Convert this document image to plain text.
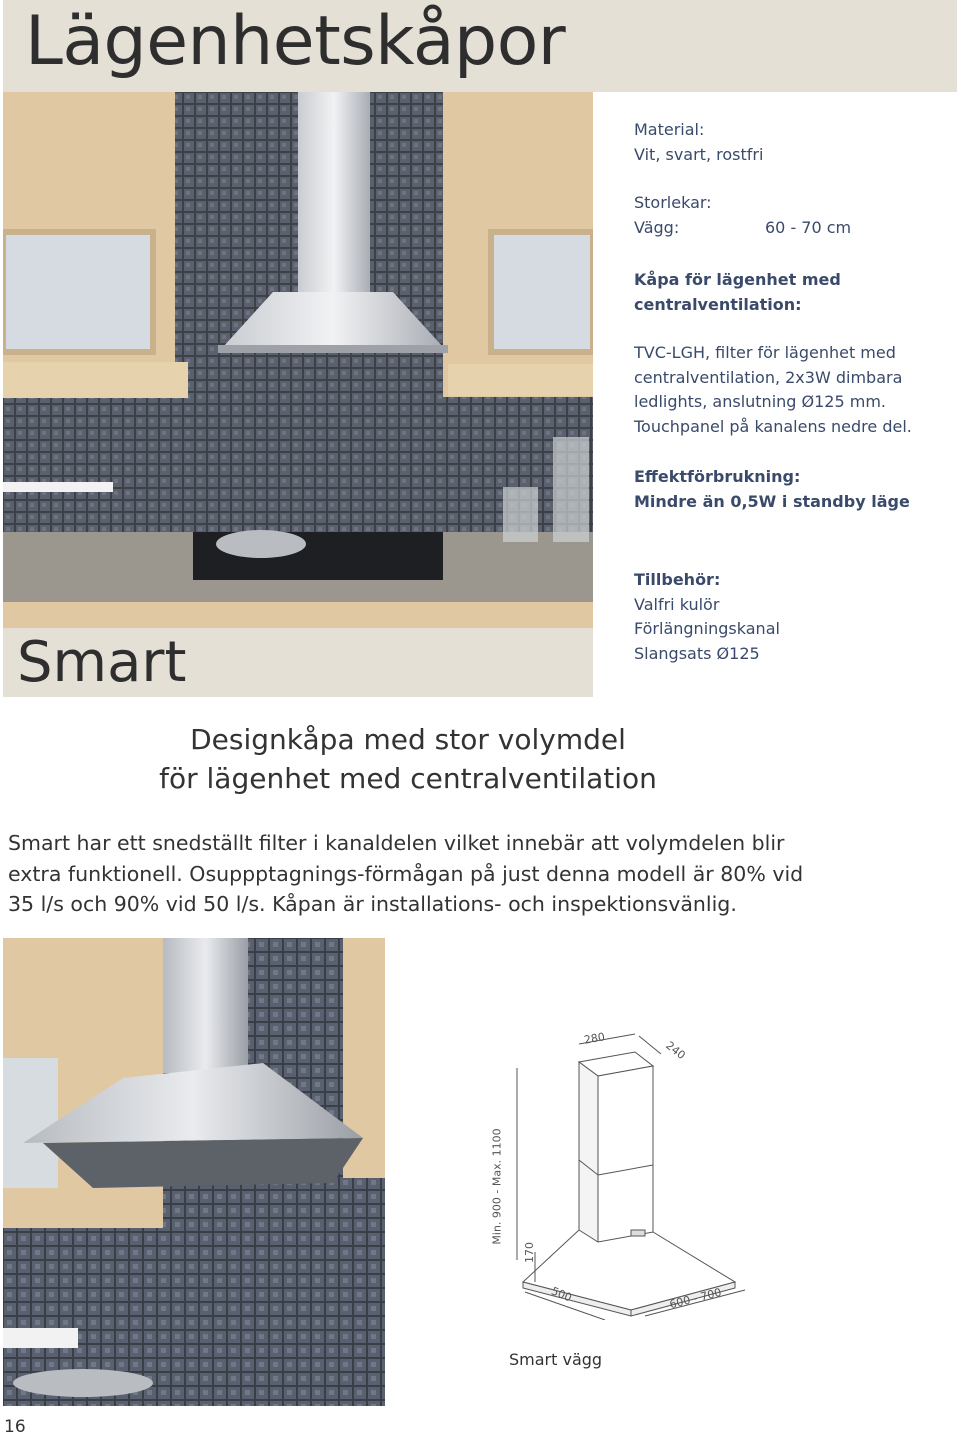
Lägenhetskåpor
Smart
Material:
Vit, svart, rostfri
Storlekar:
Vägg:	60 - 70 cm
Kåpa för lägenhet med
centralventilation:
TVC-LGH, filter för lägenhet med
centralventilation, 2x3W dimbara
ledlights, anslutning Ø125 mm.
Touchpanel på kanalens nedre del.
Effektförbrukning:
Mindre än 0,5W i standby läge
Tillbehör:
Valfri kulör
Förlängningskanal
Slangsats Ø125
Designkåpa med stor volymdel
för lägenhet med centralventilation
Smart har ett snedställt filter i kanaldelen vilket innebär att volymdelen blir
extra funktionell. Osuppptagnings-förmågan på just denna modell är 80% vid
35 l/s och 90% vid 50 l/s. Kåpan är installations- och inspektionsvänlig.
280
240
Min. 900 - Max. 1100
170
500	600 - 700
Smart vägg
16
